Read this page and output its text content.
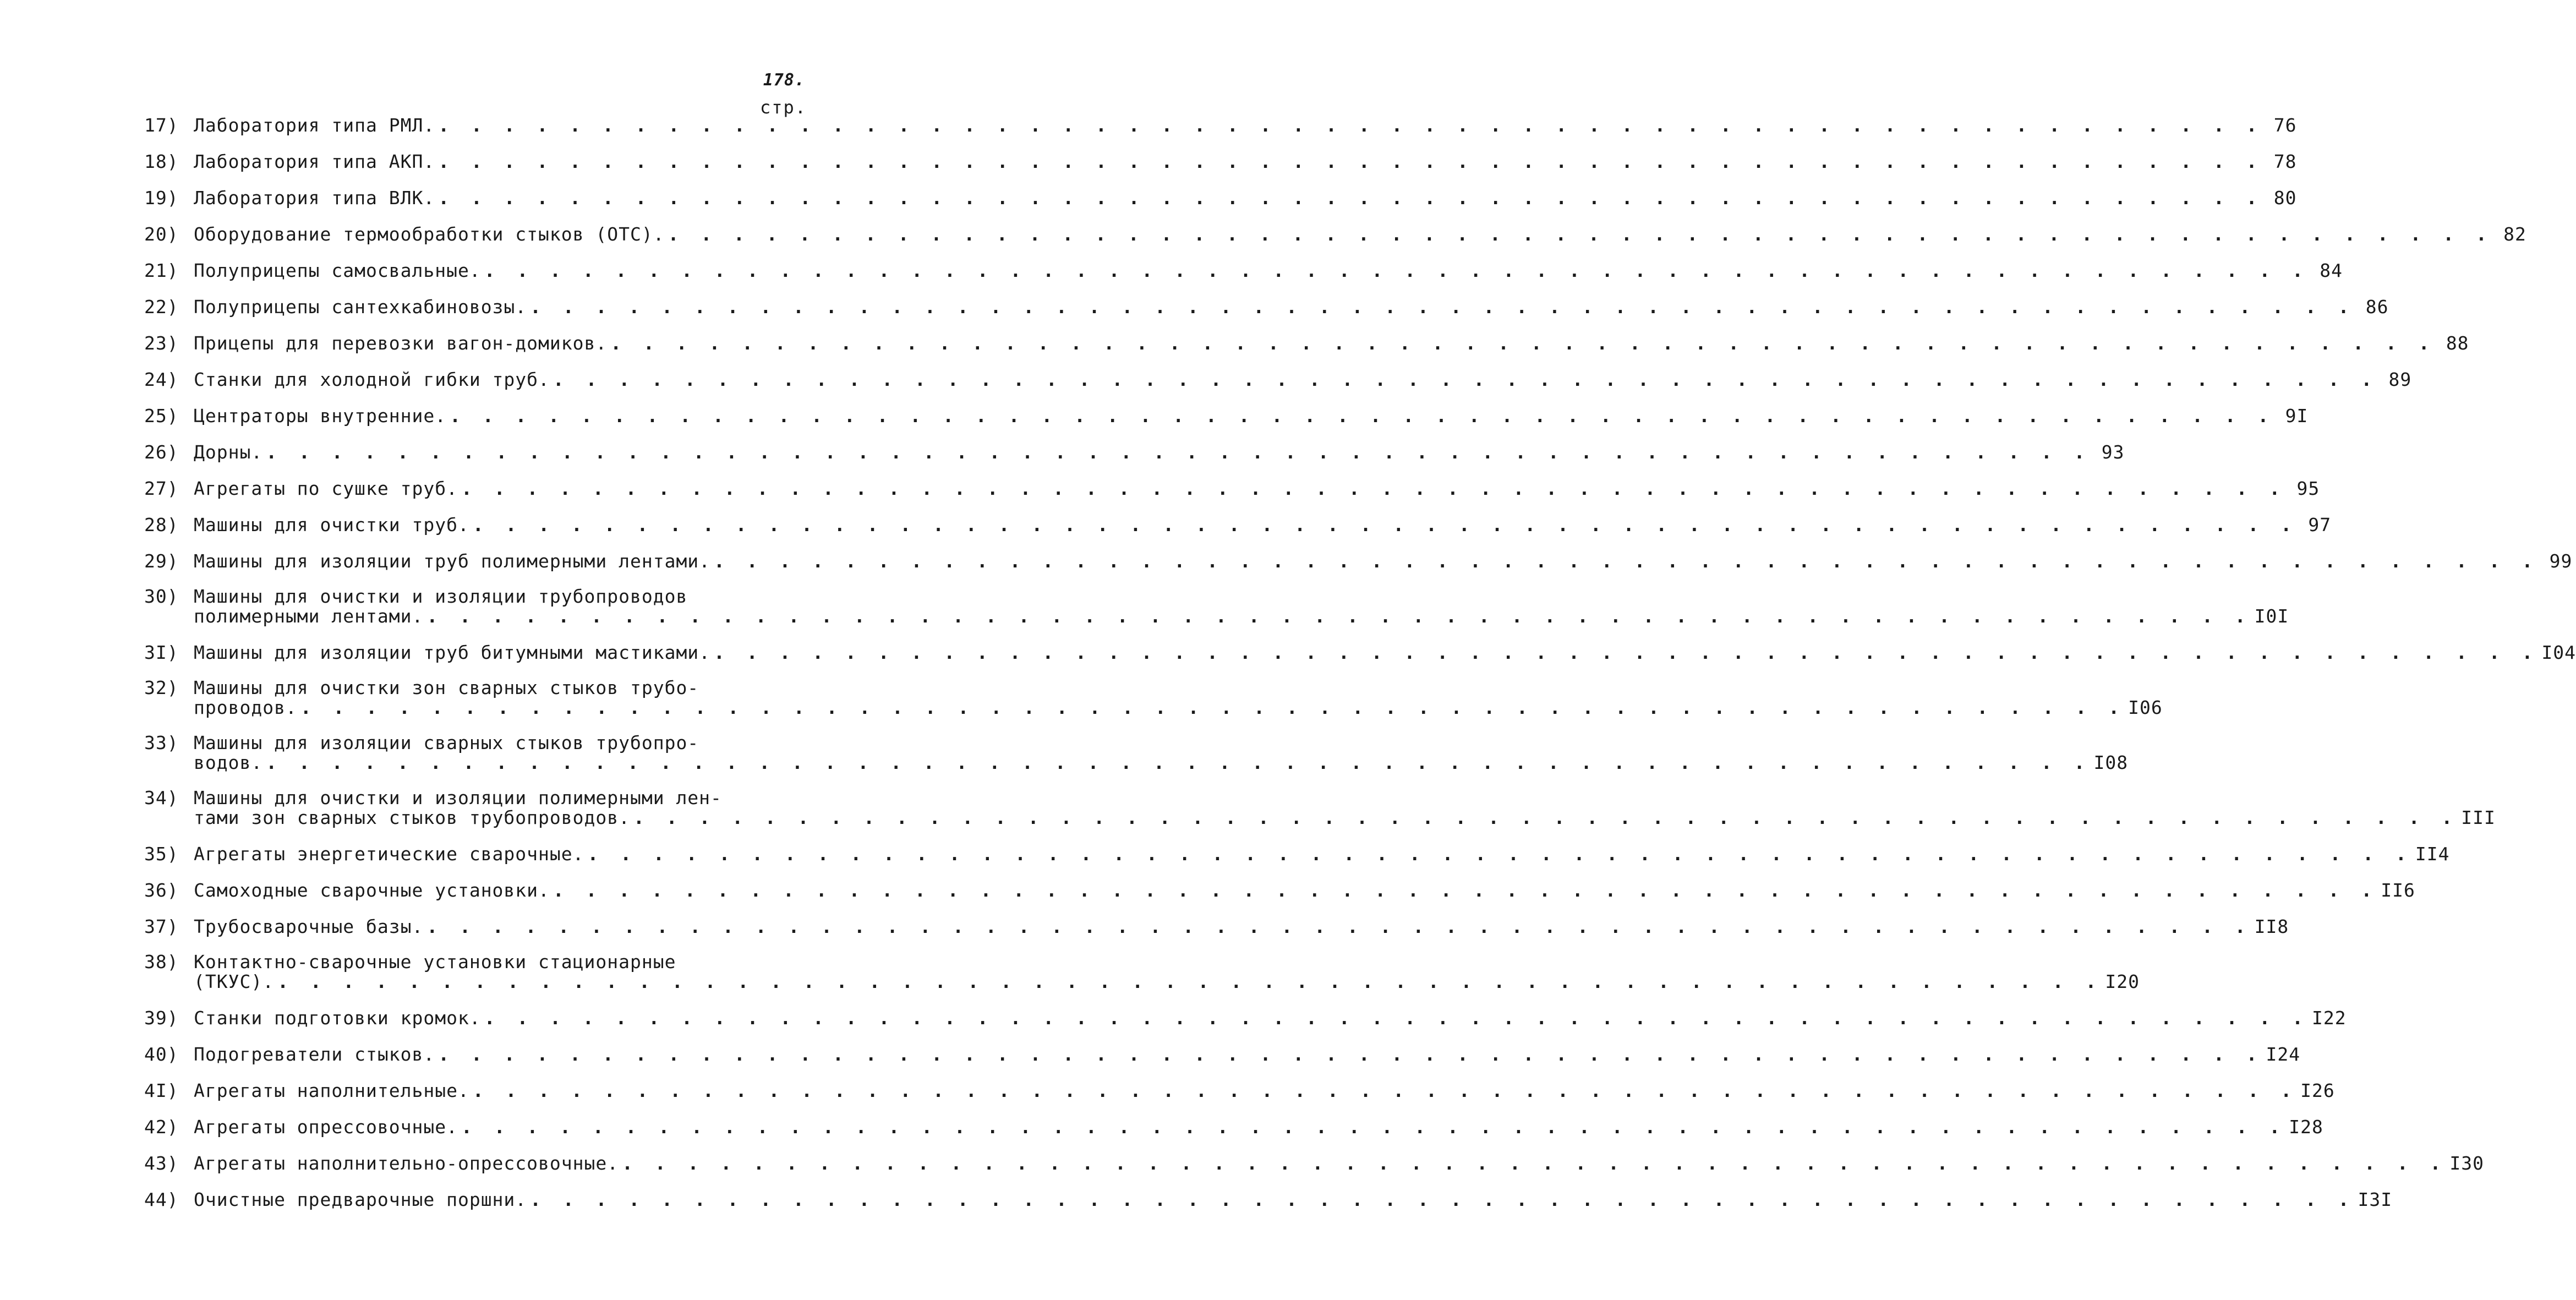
178.
стр.
17) Лаборатория типа РМЛ. . . . . . . . . . . . . . . . . . . . . . . . . . . . . . . . . . . . . . . . . . . . . . . . . . . . . . . . . 76
18) Лаборатория типа АКП. . . . . . . . . . . . . . . . . . . . . . . . . . . . . . . . . . . . . . . . . . . . . . . . . . . . . . . . . 78
19) Лаборатория типа ВЛК. . . . . . . . . . . . . . . . . . . . . . . . . . . . . . . . . . . . . . . . . . . . . . . . . . . . . . . . . 80
20) Оборудование термообработки стыков (ОТС). . . . . . . . . . . . . . . . . . . . . . . . . . . . . . . . . . . . . . . . . . . . . . . . . . . . . . . . . 82
21) Полуприцепы самосвальные. . . . . . . . . . . . . . . . . . . . . . . . . . . . . . . . . . . . . . . . . . . . . . . . . . . . . . . . . 84
22) Полуприцепы сантехкабиновозы. . . . . . . . . . . . . . . . . . . . . . . . . . . . . . . . . . . . . . . . . . . . . . . . . . . . . . . . . 86
23) Прицепы для перевозки вагон-домиков. . . . . . . . . . . . . . . . . . . . . . . . . . . . . . . . . . . . . . . . . . . . . . . . . . . . . . . . . 88
24) Станки для холодной гибки труб. . . . . . . . . . . . . . . . . . . . . . . . . . . . . . . . . . . . . . . . . . . . . . . . . . . . . . . . . 89
25) Центраторы внутренние. . . . . . . . . . . . . . . . . . . . . . . . . . . . . . . . . . . . . . . . . . . . . . . . . . . . . . . . . 9I
26) Дорны. . . . . . . . . . . . . . . . . . . . . . . . . . . . . . . . . . . . . . . . . . . . . . . . . . . . . . . . . 93
27) Агрегаты по сушке труб. . . . . . . . . . . . . . . . . . . . . . . . . . . . . . . . . . . . . . . . . . . . . . . . . . . . . . . . . 95
28) Машины для очистки труб. . . . . . . . . . . . . . . . . . . . . . . . . . . . . . . . . . . . . . . . . . . . . . . . . . . . . . . . . 97
29) Машины для изоляции труб полимерными лентами. . . . . . . . . . . . . . . . . . . . . . . . . . . . . . . . . . . . . . . . . . . . . . . . . . . . . . . . . 99
30) Машины для очистки и изоляции трубопроводов
полимерными лентами. . . . . . . . . . . . . . . . . . . . . . . . . . . . . . . . . . . . . . . . . . . . . . . . . . . . . . . . . I0I
3I) Машины для изоляции труб битумными мастиками. . . . . . . . . . . . . . . . . . . . . . . . . . . . . . . . . . . . . . . . . . . . . . . . . . . . . . . . . I04
32) Машины для очистки зон сварных стыков трубо-
проводов. . . . . . . . . . . . . . . . . . . . . . . . . . . . . . . . . . . . . . . . . . . . . . . . . . . . . . . . . I06
33) Машины для изоляции сварных стыков трубопро-
водов. . . . . . . . . . . . . . . . . . . . . . . . . . . . . . . . . . . . . . . . . . . . . . . . . . . . . . . . . I08
34) Машины для очистки и изоляции полимерными лен-
тами зон сварных стыков трубопроводов. . . . . . . . . . . . . . . . . . . . . . . . . . . . . . . . . . . . . . . . . . . . . . . . . . . . . . . . . III
35) Агрегаты энергетические сварочные. . . . . . . . . . . . . . . . . . . . . . . . . . . . . . . . . . . . . . . . . . . . . . . . . . . . . . . . . II4
36) Самоходные сварочные установки. . . . . . . . . . . . . . . . . . . . . . . . . . . . . . . . . . . . . . . . . . . . . . . . . . . . . . . . . II6
37) Трубосварочные базы. . . . . . . . . . . . . . . . . . . . . . . . . . . . . . . . . . . . . . . . . . . . . . . . . . . . . . . . . II8
38) Контактно-сварочные установки стационарные
(ТКУС). . . . . . . . . . . . . . . . . . . . . . . . . . . . . . . . . . . . . . . . . . . . . . . . . . . . . . . . . I20
39) Станки подготовки кромок. . . . . . . . . . . . . . . . . . . . . . . . . . . . . . . . . . . . . . . . . . . . . . . . . . . . . . . . . I22
40) Подогреватели стыков. . . . . . . . . . . . . . . . . . . . . . . . . . . . . . . . . . . . . . . . . . . . . . . . . . . . . . . . . I24
4I) Агрегаты наполнительные. . . . . . . . . . . . . . . . . . . . . . . . . . . . . . . . . . . . . . . . . . . . . . . . . . . . . . . . . I26
42) Агрегаты опрессовочные. . . . . . . . . . . . . . . . . . . . . . . . . . . . . . . . . . . . . . . . . . . . . . . . . . . . . . . . . I28
43) Агрегаты наполнительно-опрессовочные. . . . . . . . . . . . . . . . . . . . . . . . . . . . . . . . . . . . . . . . . . . . . . . . . . . . . . . . . I30
44) Очистные предварочные поршни. . . . . . . . . . . . . . . . . . . . . . . . . . . . . . . . . . . . . . . . . . . . . . . . . . . . . . . . . I3I
